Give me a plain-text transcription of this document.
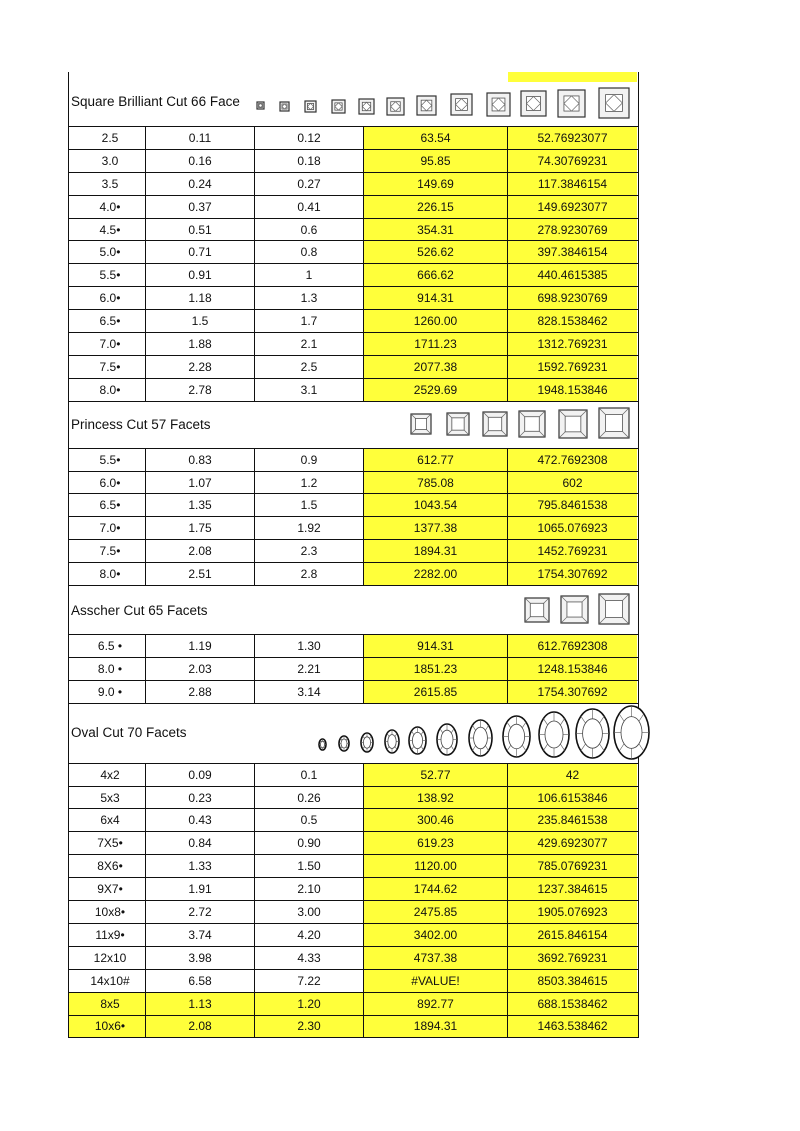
Square Brilliant Cut 66 Face
2.5	0.11	0.12	63.54	52.76923077
3.0	0.16	0.18	95.85	74.30769231
3.5	0.24	0.27	149.69	117.3846154
4.0•	0.37	0.41	226.15	149.6923077
4.5•	0.51	0.6	354.31	278.9230769
5.0•	0.71	0.8	526.62	397.3846154
5.5•	0.91	1	666.62	440.4615385
6.0•	1.18	1.3	914.31	698.9230769
6.5•	1.5	1.7	1260.00	828.1538462
7.0•	1.88	2.1	1711.23	1312.769231
7.5•	2.28	2.5	2077.38	1592.769231
8.0•	2.78	3.1	2529.69	1948.153846
Princess Cut 57 Facets
5.5•	0.83	0.9	612.77	472.7692308
6.0•	1.07	1.2	785.08	602
6.5•	1.35	1.5	1043.54	795.8461538
7.0•	1.75	1.92	1377.38	1065.076923
7.5•	2.08	2.3	1894.31	1452.769231
8.0•	2.51	2.8	2282.00	1754.307692
Asscher Cut 65 Facets
6.5 •	1.19	1.30	914.31	612.7692308
8.0 •	2.03	2.21	1851.23	1248.153846
9.0 •	2.88	3.14	2615.85	1754.307692
Oval Cut 70 Facets
4x2	0.09	0.1	52.77	42
5x3	0.23	0.26	138.92	106.6153846
6x4	0.43	0.5	300.46	235.8461538
7X5•	0.84	0.90	619.23	429.6923077
8X6•	1.33	1.50	1120.00	785.0769231
9X7•	1.91	2.10	1744.62	1237.384615
10x8•	2.72	3.00	2475.85	1905.076923
11x9•	3.74	4.20	3402.00	2615.846154
12x10	3.98	4.33	4737.38	3692.769231
14x10#	6.58	7.22	#VALUE!	8503.384615
8x5	1.13	1.20	892.77	688.1538462
10x6•	2.08	2.30	1894.31	1463.538462
